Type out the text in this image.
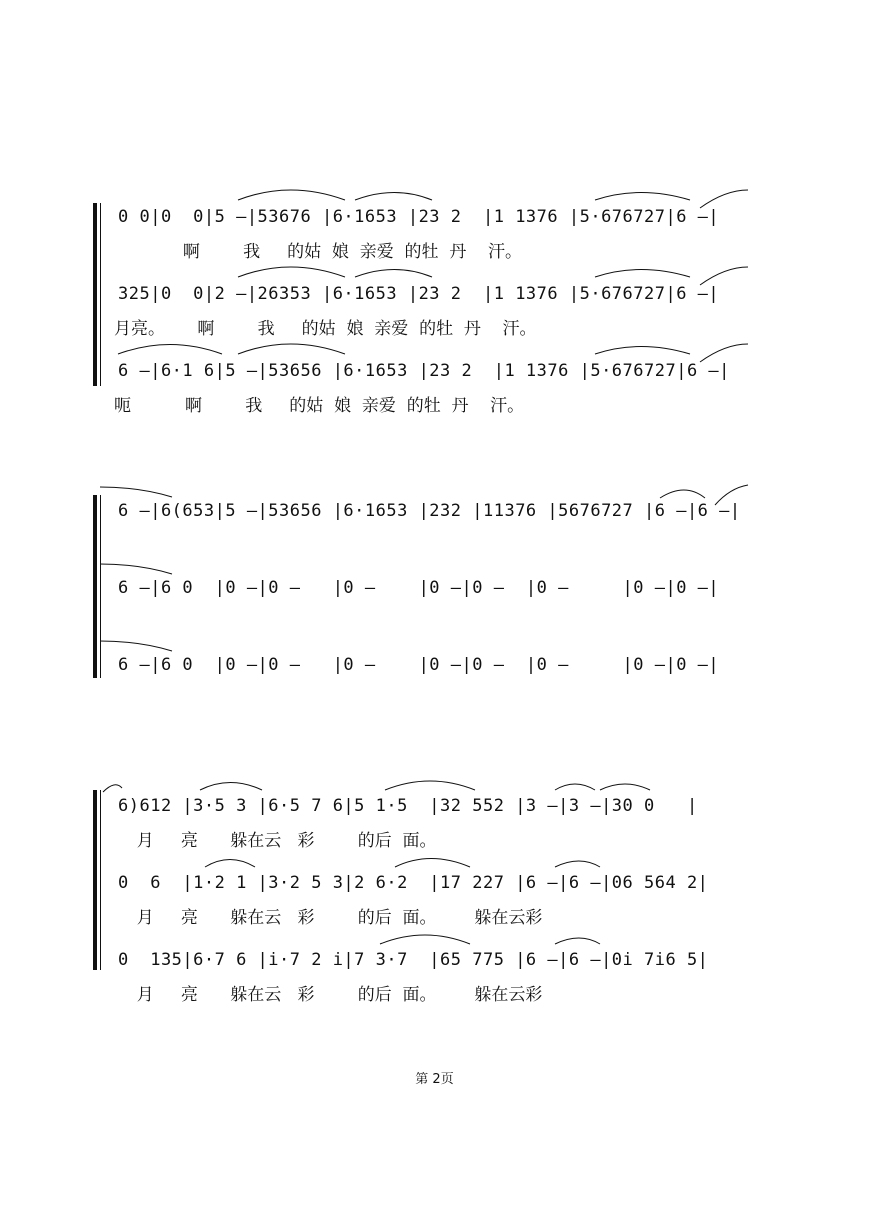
0 0|0  0|5 –|53676 |6·1653 |23 2  |1 1376 |5·676727|6 –|
啊        我     的姑  娘  亲爱  的牡  丹    汗。
325|0  0|2 –|26353 |6·1653 |23 2  |1 1376 |5·676727|6 –|
月亮。      啊        我     的姑  娘  亲爱  的牡  丹    汗。
6 –|6·1 6|5 –|53656 |6·1653 |23 2  |1 1376 |5·676727|6 –|
呃          啊        我     的姑  娘  亲爱  的牡  丹    汗。
6 –|6(653|5 –|53656 |6·1653 |232 |11376 |5676727 |6 –|6 –|
6 –|6 0  |0 –|0 –   |0 –    |0 –|0 –  |0 –     |0 –|0 –|
6 –|6 0  |0 –|0 –   |0 –    |0 –|0 –  |0 –     |0 –|0 –|
6)612 |3·5 3 |6·5 7 6|5 1·5  |32 552 |3 –|3 –|30 0   |
月     亮      躲在云   彩        的后  面。
0  6  |1·2 1 |3·2 5 3|2 6·2  |17 227 |6 –|6 –|06 564 2|
月     亮      躲在云   彩        的后  面。       躲在云彩
0  135|6·7 6 |i·7 2 i|7 3·7  |65 775 |6 –|6 –|0i 7i6 5|
月     亮      躲在云   彩        的后  面。       躲在云彩
第 2页
